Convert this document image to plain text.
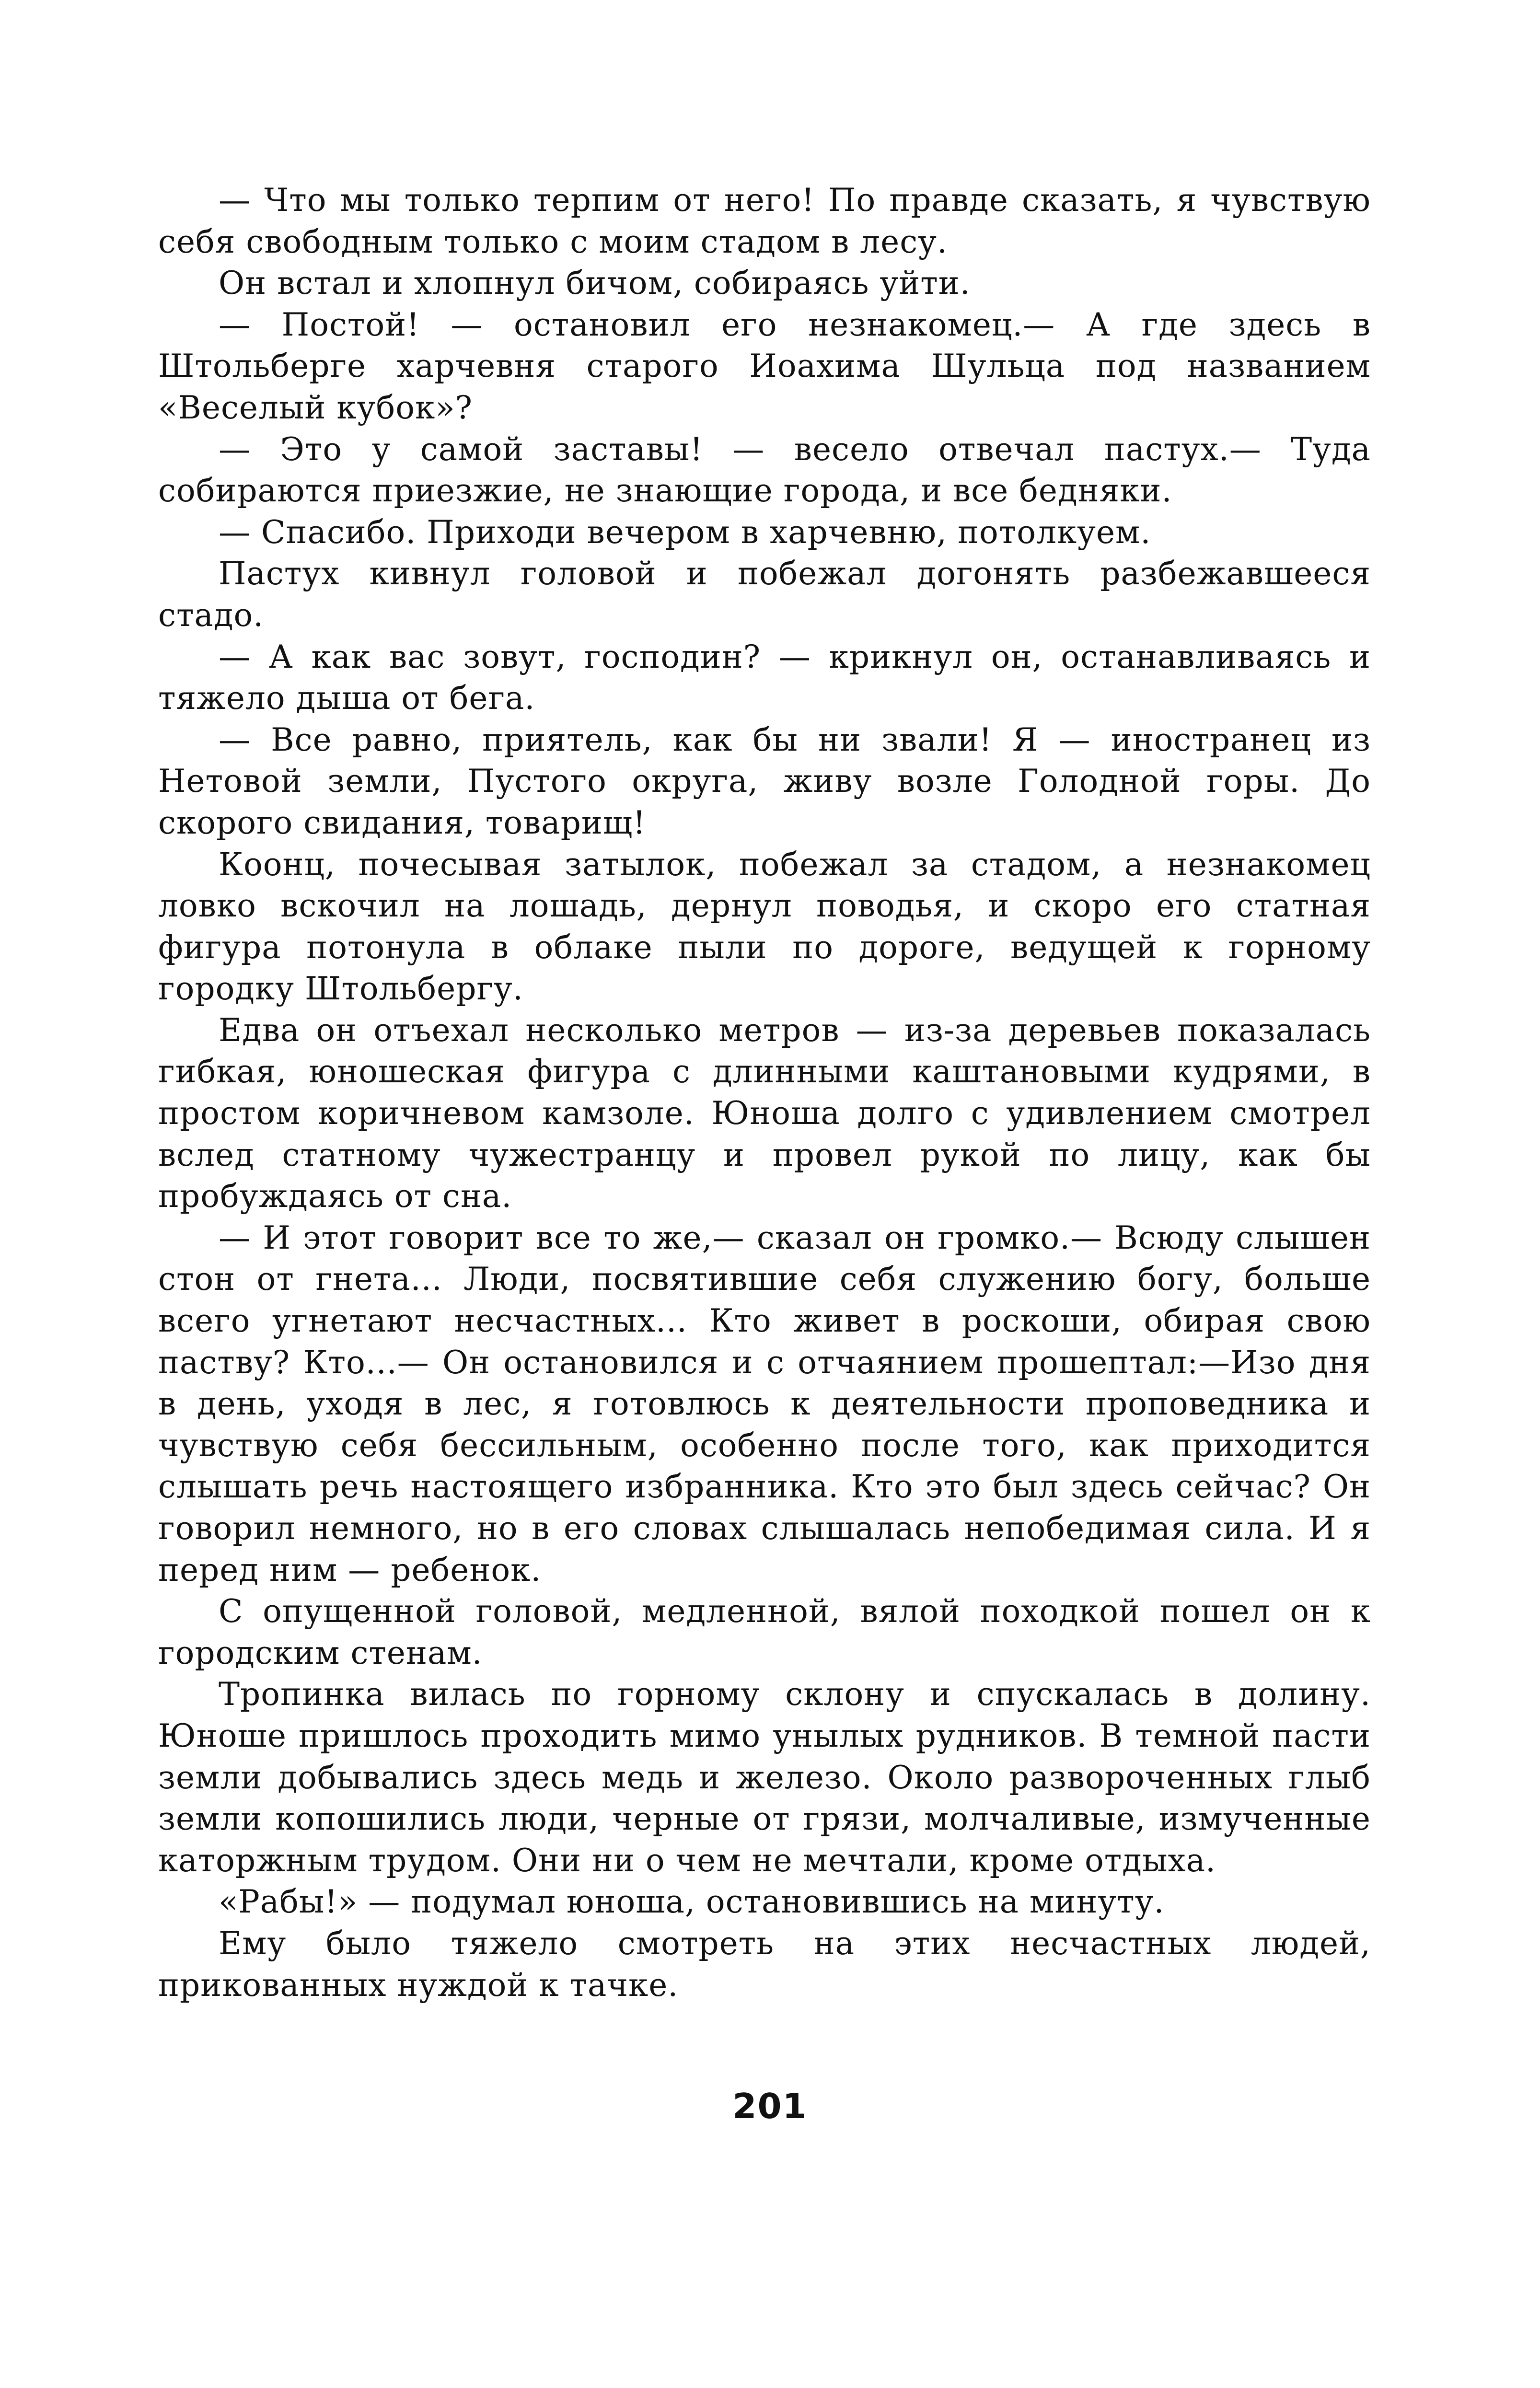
— Что мы только терпим от него! По правде сказать, я чувствую себя свободным только с моим стадом в лесу.

Он встал и хлопнул бичом, собираясь уйти.

— Постой! — остановил его незнакомец.— А где здесь в Штольберге харчевня старого Иоахима Шульца под названием «Веселый кубок»?

— Это у самой заставы! — весело отвечал пастух.— Туда собираются приезжие, не знающие города, и все бедняки.

— Спасибо. Приходи вечером в харчевню, потолкуем.

Пастух кивнул головой и побежал догонять разбежавшееся стадо.

— А как вас зовут, господин? — крикнул он, останавливаясь и тяжело дыша от бега.

— Все равно, приятель, как бы ни звали! Я — иностранец из Нетовой земли, Пустого округа, живу возле Голодной горы. До скорого свидания, товарищ!

Коонц, почесывая затылок, побежал за стадом, а незнакомец ловко вскочил на лошадь, дернул поводья, и скоро его статная фигура потонула в облаке пыли по дороге, ведущей к горному городку Штольбергу.

Едва он отъехал несколько метров — из-за деревьев показалась гибкая, юношеская фигура с длинными каштановыми кудрями, в простом коричневом камзоле. Юноша долго с удивлением смотрел вслед статному чужестранцу и провел рукой по лицу, как бы пробуждаясь от сна.

— И этот говорит все то же,— сказал он громко.— Всюду слышен стон от гнета... Люди, посвятившие себя служению богу, больше всего угнетают несчастных... Кто живет в роскоши, обирая свою паству? Кто...— Он остановился и с отчаянием прошептал:—Изо дня в день, уходя в лес, я готовлюсь к деятельности проповедника и чувствую себя бессильным, особенно после того, как приходится слышать речь настоящего избранника. Кто это был здесь сейчас? Он говорил немного, но в его словах слышалась непобедимая сила. И я перед ним — ребенок.

С опущенной головой, медленной, вялой походкой пошел он к городским стенам.

Тропинка вилась по горному склону и спускалась в долину. Юноше пришлось проходить мимо унылых рудников. В темной пасти земли добывались здесь медь и железо. Около развороченных глыб земли копошились люди, черные от грязи, молчаливые, измученные каторжным трудом. Они ни о чем не мечтали, кроме отдыха.

«Рабы!» — подумал юноша, остановившись на минуту.

Ему было тяжело смотреть на этих несчастных людей, прикованных нуждой к тачке.

201
